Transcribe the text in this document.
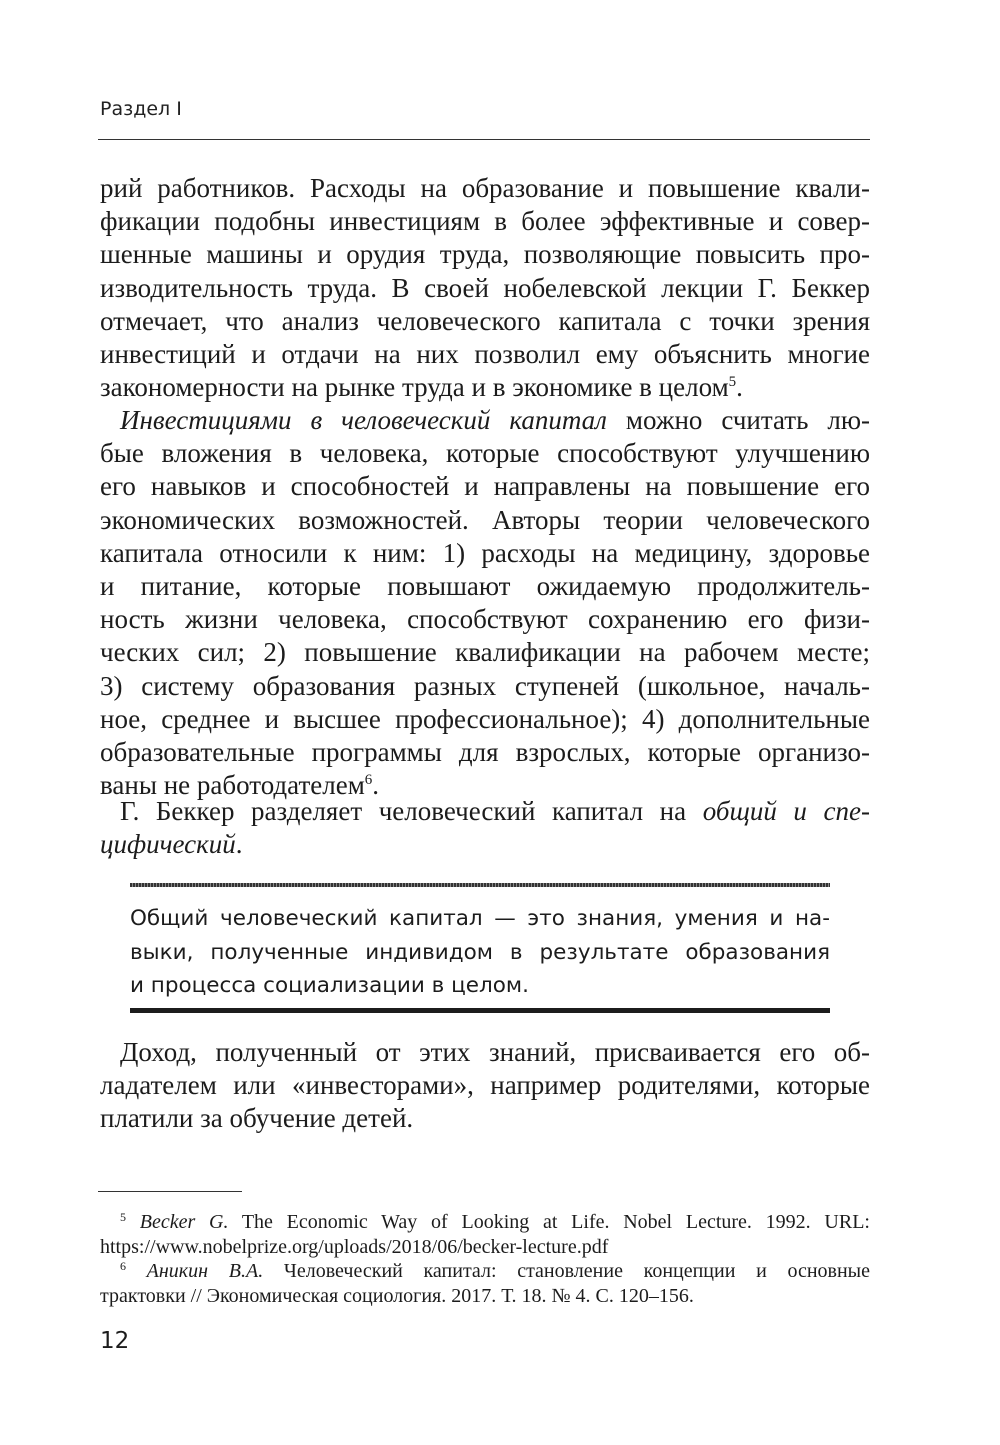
Раздел I
рий работников. Расходы на образование и повышение квали-
фикации подобны инвестициям в более эффективные и совер-
шенные машины и орудия труда, позволяющие повысить про-
изводительность труда. В своей нобелевской лекции Г. Беккер
отмечает, что анализ человеческого капитала с точки зрения
инвестиций и отдачи на них позволил ему объяснить многие
закономерности на рынке труда и в экономике в целом$^5$.
Инвестициями в человеческий капитал можно считать лю-
бые вложения в человека, которые способствуют улучшению
его навыков и способностей и направлены на повышение его
экономических возможностей. Авторы теории человеческого
капитала относили к ним: 1) расходы на медицину, здоровье
и питание, которые повышают ожидаемую продолжитель-
ность жизни человека, способствуют сохранению его физи-
ческих сил; 2) повышение квалификации на рабочем месте;
3) систему образования разных ступеней (школьное, началь-
ное, среднее и высшее профессиональное); 4) дополнительные
образовательные программы для взрослых, которые организо-
ваны не работодателем$^6$.
Г. Беккер разделяет человеческий капитал на общий и спе-
цифический.
Общий человеческий капитал — это знания, умения и на-
выки, полученные индивидом в результате образования
и процесса социализации в целом.
Доход, полученный от этих знаний, присваивается его об-
ладателем или «инвесторами», например родителями, которые
платили за обучение детей.
$^5$ Becker G. The Economic Way of Looking at Life. Nobel Lecture. 1992. URL:
https://www.nobelprize.org/uploads/2018/06/becker-lecture.pdf
$^6$ Аникин В.А. Человеческий капитал: становление концепции и основные
трактовки // Экономическая социология. 2017. Т. 18. № 4. С. 120–156.
12
